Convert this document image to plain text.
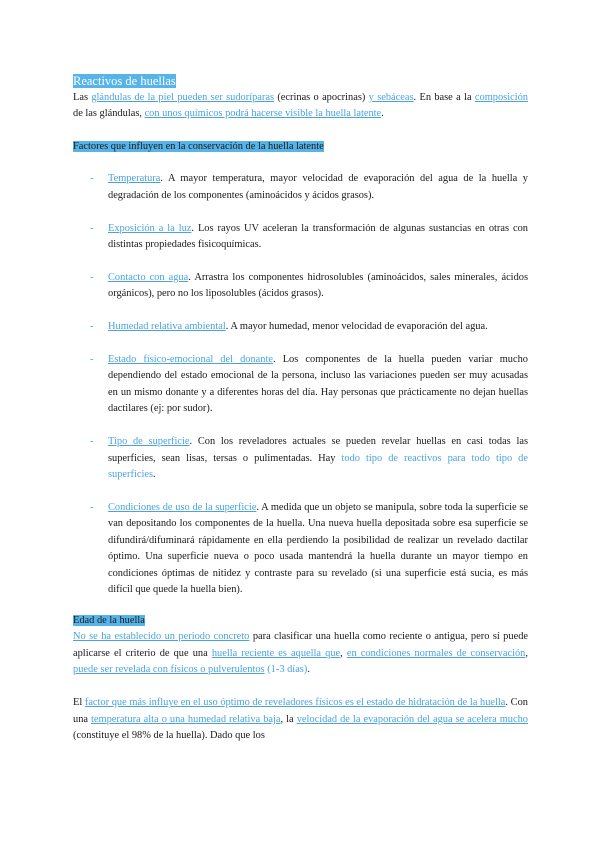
Reactivos de huellas

Las glándulas de la piel pueden ser sudoríparas (ecrinas o apocrinas) y sebáceas. En base a la composición de las glándulas, con unos químicos podrá hacerse visible la huella latente.

Factores que influyen en la conservación de la huella latente
- Temperatura. A mayor temperatura, mayor velocidad de evaporación del agua de la huella y degradación de los componentes (aminoácidos y ácidos grasos).
- Exposición a la luz. Los rayos UV aceleran la transformación de algunas sustancias en otras con distintas propiedades fisicoquímicas.
- Contacto con agua. Arrastra los componentes hidrosolubles (aminoácidos, sales minerales, ácidos orgánicos), pero no los liposolubles (ácidos grasos).
- Humedad relativa ambiental. A mayor humedad, menor velocidad de evaporación del agua.
- Estado físico-emocional del donante. Los componentes de la huella pueden variar mucho dependiendo del estado emocional de la persona, incluso las variaciones pueden ser muy acusadas en un mismo donante y a diferentes horas del día. Hay personas que prácticamente no dejan huellas dactilares (ej: por sudor).
- Tipo de superficie. Con los reveladores actuales se pueden revelar huellas en casi todas las superficies, sean lisas, tersas o pulimentadas. Hay todo tipo de reactivos para todo tipo de superficies.
- Condiciones de uso de la superficie. A medida que un objeto se manipula, sobre toda la superficie se van depositando los componentes de la huella. Una nueva huella depositada sobre esa superficie se difundirá/difuminará rápidamente en ella perdiendo la posibilidad de realizar un revelado dactilar óptimo. Una superficie nueva o poco usada mantendrá la huella durante un mayor tiempo en condiciones óptimas de nitidez y contraste para su revelado (si una superficie está sucia, es más difícil que quede la huella bien).
Edad de la huella

No se ha establecido un periodo concreto para clasificar una huella como reciente o antigua, pero sí puede aplicarse el criterio de que una huella reciente es aquella que, en condiciones normales de conservación, puede ser revelada con físicos o pulverulentos (1-3 días).

El factor que más influye en el uso óptimo de reveladores físicos es el estado de hidratación de la huella. Con una temperatura alta o una humedad relativa baja, la velocidad de la evaporación del agua se acelera mucho (constituye el 98% de la huella). Dado que los
